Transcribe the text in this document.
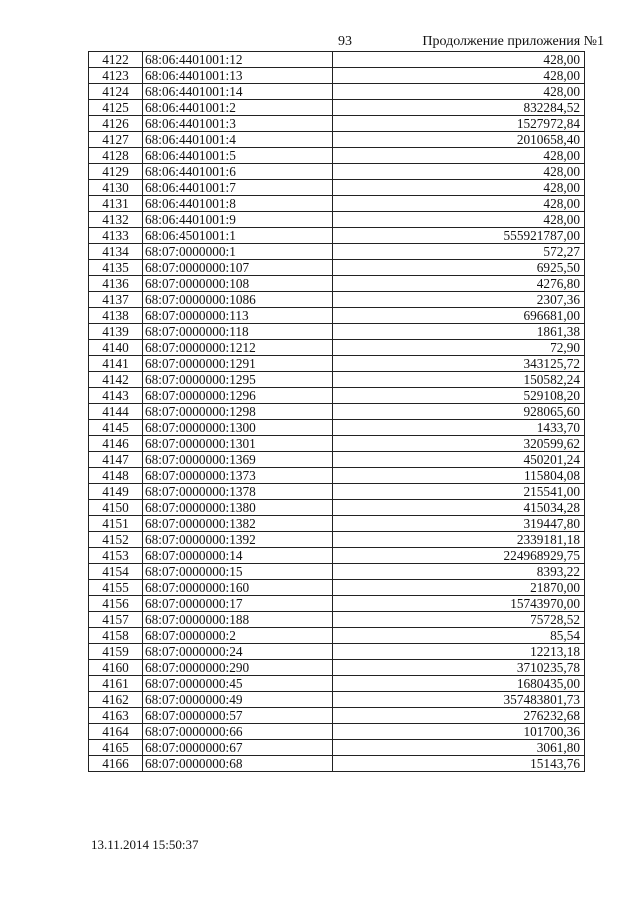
93	Продолжение приложения №1
4122	68:06:4401001:12	428,00
4123	68:06:4401001:13	428,00
4124	68:06:4401001:14	428,00
4125	68:06:4401001:2	832284,52
4126	68:06:4401001:3	1527972,84
4127	68:06:4401001:4	2010658,40
4128	68:06:4401001:5	428,00
4129	68:06:4401001:6	428,00
4130	68:06:4401001:7	428,00
4131	68:06:4401001:8	428,00
4132	68:06:4401001:9	428,00
4133	68:06:4501001:1	555921787,00
4134	68:07:0000000:1	572,27
4135	68:07:0000000:107	6925,50
4136	68:07:0000000:108	4276,80
4137	68:07:0000000:1086	2307,36
4138	68:07:0000000:113	696681,00
4139	68:07:0000000:118	1861,38
4140	68:07:0000000:1212	72,90
4141	68:07:0000000:1291	343125,72
4142	68:07:0000000:1295	150582,24
4143	68:07:0000000:1296	529108,20
4144	68:07:0000000:1298	928065,60
4145	68:07:0000000:1300	1433,70
4146	68:07:0000000:1301	320599,62
4147	68:07:0000000:1369	450201,24
4148	68:07:0000000:1373	115804,08
4149	68:07:0000000:1378	215541,00
4150	68:07:0000000:1380	415034,28
4151	68:07:0000000:1382	319447,80
4152	68:07:0000000:1392	2339181,18
4153	68:07:0000000:14	224968929,75
4154	68:07:0000000:15	8393,22
4155	68:07:0000000:160	21870,00
4156	68:07:0000000:17	15743970,00
4157	68:07:0000000:188	75728,52
4158	68:07:0000000:2	85,54
4159	68:07:0000000:24	12213,18
4160	68:07:0000000:290	3710235,78
4161	68:07:0000000:45	1680435,00
4162	68:07:0000000:49	357483801,73
4163	68:07:0000000:57	276232,68
4164	68:07:0000000:66	101700,36
4165	68:07:0000000:67	3061,80
4166	68:07:0000000:68	15143,76
13.11.2014 15:50:37
